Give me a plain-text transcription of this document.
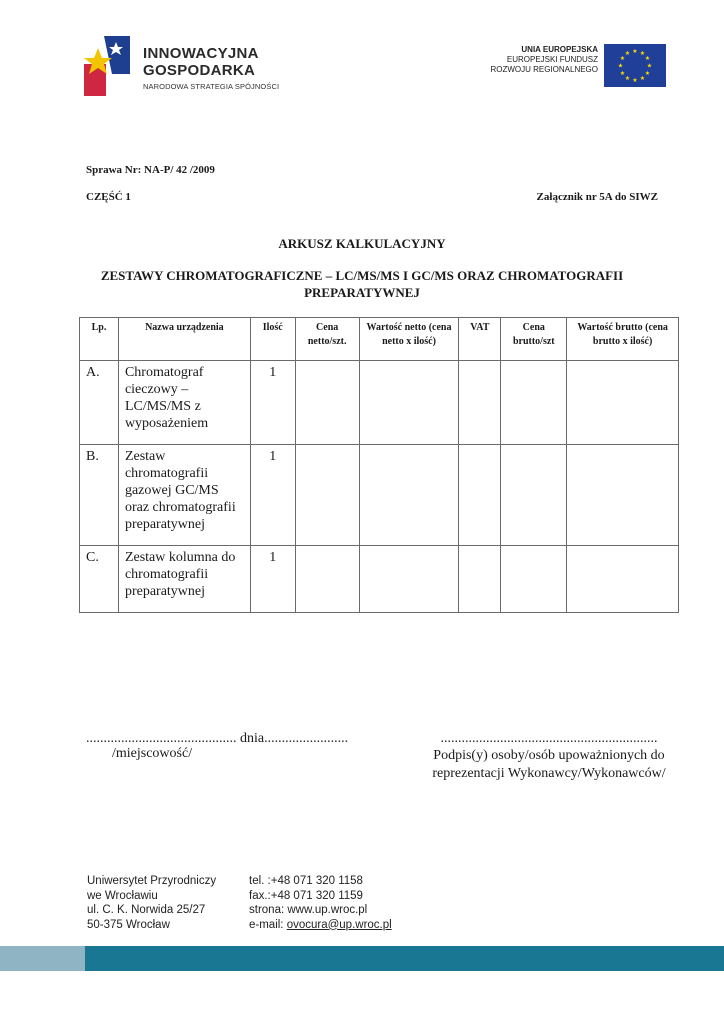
INNOWACYJNA
GOSPODARKA
NARODOWA STRATEGIA SPÓJNOŚCI
UNIA EUROPEJSKA
EUROPEJSKI FUNDUSZ
ROZWOJU REGIONALNEGO
★ ★
★
★
★
★
★
★
★
★
★
★
Sprawa Nr: NA-P/ 42 /2009
CZĘŚĆ 1	Załącznik nr 5A do SIWZ
ARKUSZ KALKULACYJNY
ZESTAWY CHROMATOGRAFICZNE – LC/MS/MS I GC/MS ORAZ CHROMATOGRAFII
PREPARATYWNEJ
Lp.	Nazwa urządzenia	Ilość	Cena netto/szt.	Wartość netto (cena netto x ilość)	VAT	Cena brutto/szt	Wartość brutto (cena brutto x ilość)
A.	Chromatograf cieczowy – LC/MS/MS z wyposażeniem	1					
B.	Zestaw chromatografii gazowej GC/MS oraz chromatografii preparatywnej	1					
C.	Zestaw kolumna do chromatografii preparatywnej	1					
........................................... dnia........................
/miejscowość/
..............................................................
Podpis(y) osoby/osób upoważnionych do
reprezentacji Wykonawcy/Wykonawców/
Uniwersytet Przyrodniczy
we Wrocławiu
ul. C. K. Norwida 25/27
50-375 Wrocław
tel. :+48 071 320 1158
fax.:+48 071 320 1159
strona: www.up.wroc.pl
e-mail: ovocura@up.wroc.pl
